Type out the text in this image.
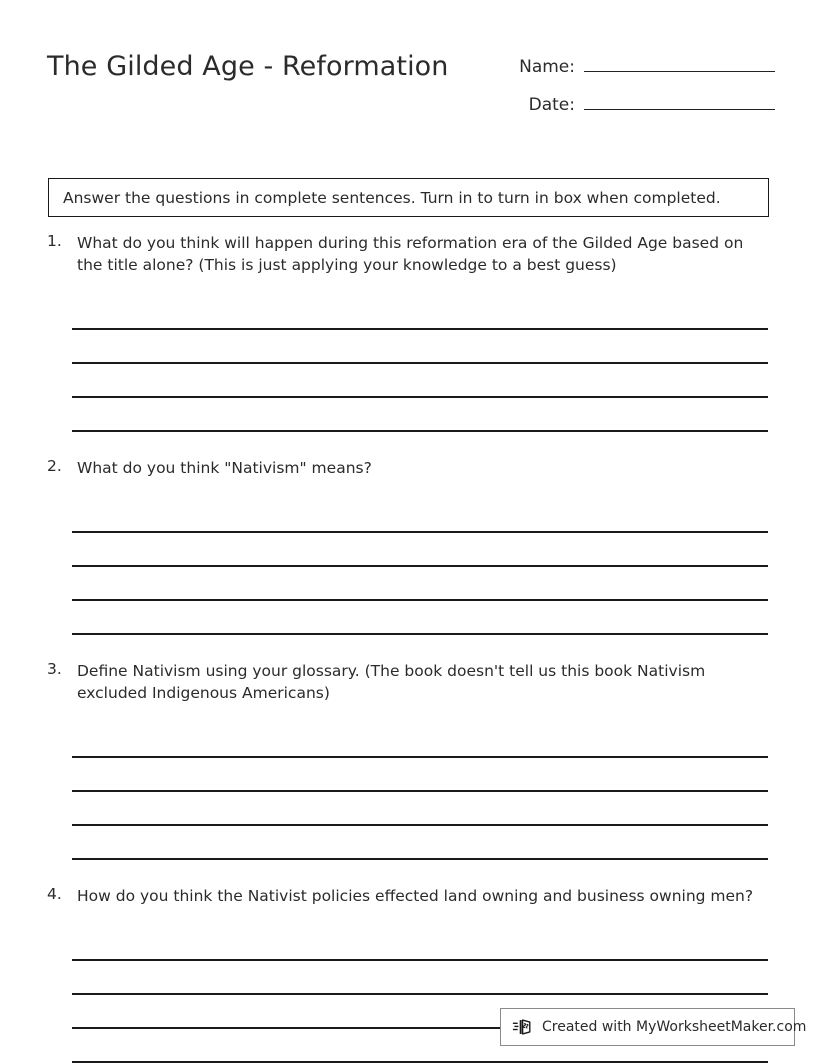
The Gilded Age - Reformation	Name:
Date:
Answer the questions in complete sentences. Turn in to turn in box when completed.
1. What do you think will happen during this reformation era of the Gilded Age based on the title alone? (This is just applying your knowledge to a best guess)
2. What do you think "Nativism" means?
3. Define Nativism using your glossary. (The book doesn't tell us this book Nativism excluded Indigenous Americans)
4. How do you think the Nativist policies effected land owning and business owning men?
Created with MyWorksheetMaker.com
